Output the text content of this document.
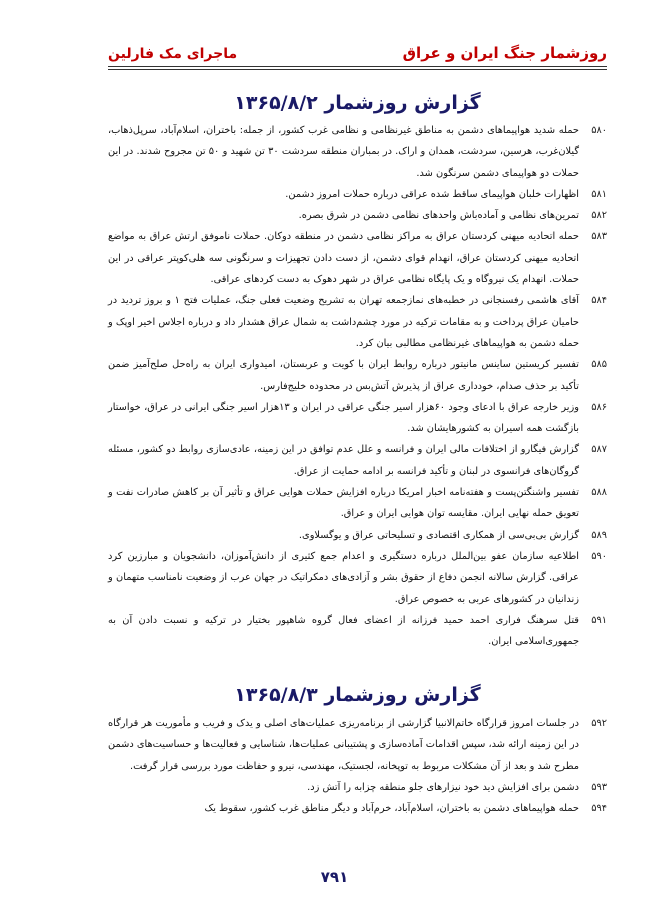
روزشمار جنگ ایران و عراق
ماجرای مک فارلین
گزارش روزشمار ۱۳۶۵/۸/۲
۵۸۰
حمله شدید هواپیماهای دشمن به مناطق غیرنظامی و نظامی غرب کشور، از جمله: باختران، اسلام‌آباد، سرپل‌ذهاب، گیلان‌غرب، هرسین، سردشت، همدان و اراک. در بمباران منطقه سردشت ۳۰ تن شهید و ۵۰ تن مجروح شدند. در این حملات دو هواپیمای دشمن سرنگون شد.
۵۸۱
اظهارات خلبان هواپیمای ساقط شده عراقی درباره حملات امروز دشمن.
۵۸۲
تمرین‌های نظامی و آماده‌باش واحدهای نظامی دشمن در شرق بصره.
۵۸۳
حمله اتحادیه میهنی کردستان عراق به مراکز نظامی دشمن در منطقه دوکان. حملات ناموفق ارتش عراق به مواضع اتحادیه میهنی کردستان عراق، انهدام قوای دشمن، از دست دادن تجهیزات و سرنگونی سه هلی‌کوپتر عراقی در این حملات. انهدام یک نیروگاه و یک پایگاه نظامی عراق در شهر دهوک به دست کردهای عراقی.
۵۸۴
آقای هاشمی رفسنجانی در خطبه‌های نمازجمعه تهران به تشریح وضعیت فعلی جنگ، عملیات فتح ۱ و بروز تردید در حامیان عراق پرداخت و به مقامات ترکیه در مورد چشم‌داشت به شمال عراق هشدار داد و درباره اجلاس اخیر اوپک و حمله دشمن به هواپیماهای غیرنظامی مطالبی بیان کرد.
۵۸۵
تفسیر کریستین ساینس مانیتور درباره روابط ایران با کویت و عربستان، امیدواری ایران به راه‌حل صلح‌آمیز ضمن تأکید بر حذف صدام، خودداری عراق از پذیرش آتش‌بس در محدوده خلیج‌فارس.
۵۸۶
وزیر خارجه عراق با ادعای وجود ۶۰هزار اسیر جنگی عراقی در ایران و ۱۳هزار اسیر جنگی ایرانی در عراق، خواستار بازگشت همه اسیران به کشورهایشان شد.
۵۸۷
گزارش فیگارو از اختلافات مالی ایران و فرانسه و علل عدم توافق در این زمینه، عادی‌سازی روابط دو کشور، مسئله گروگان‌های فرانسوی در لبنان و تأکید فرانسه بر ادامه حمایت از عراق.
۵۸۸
تفسیر واشنگتن‌پست و هفته‌نامه اخبار امریکا درباره افزایش حملات هوایی عراق و تأثیر آن بر کاهش صادرات نفت و تعویق حمله نهایی ایران. مقایسه توان هوایی ایران و عراق.
۵۸۹
گزارش بی‌بی‌سی از همکاری اقتصادی و تسلیحاتی عراق و یوگسلاوی.
۵۹۰
اطلاعیه سازمان عفو بین‌الملل درباره دستگیری و اعدام جمع کثیری از دانش‌آموزان، دانشجویان و مبارزین کرد عراقی. گزارش سالانه انجمن دفاع از حقوق بشر و آزادی‌های دمکراتیک در جهان عرب از وضعیت نامناسب متهمان و زندانیان در کشورهای عربی به خصوص عراق.
۵۹۱
قتل سرهنگ فراری احمد حمید فرزانه از اعضای فعال گروه شاهپور بختیار در ترکیه و نسبت دادن آن به جمهوری‌اسلامی ایران.
گزارش روزشمار ۱۳۶۵/۸/۳
۵۹۲
در جلسات امروز قرارگاه خاتم‌الانبیا گزارشی از برنامه‌ریزی عملیات‌های اصلی و یدک و فریب و مأموریت هر قرارگاه در این زمینه ارائه شد، سپس اقدامات آماده‌سازی و پشتیبانی عملیات‌ها، شناسایی و فعالیت‌ها و حساسیت‌های دشمن مطرح شد و بعد از آن مشکلات مربوط به توپخانه، لجستیک، مهندسی، نیرو و حفاظت مورد بررسی قرار گرفت.
۵۹۳
دشمن برای افزایش دید خود نیزارهای جلو منطقه چزابه را آتش زد.
۵۹۴
حمله هواپیماهای دشمن به باختران، اسلام‌آباد، خرم‌آباد و دیگر مناطق غرب کشور، سقوط یک
۷۹۱
